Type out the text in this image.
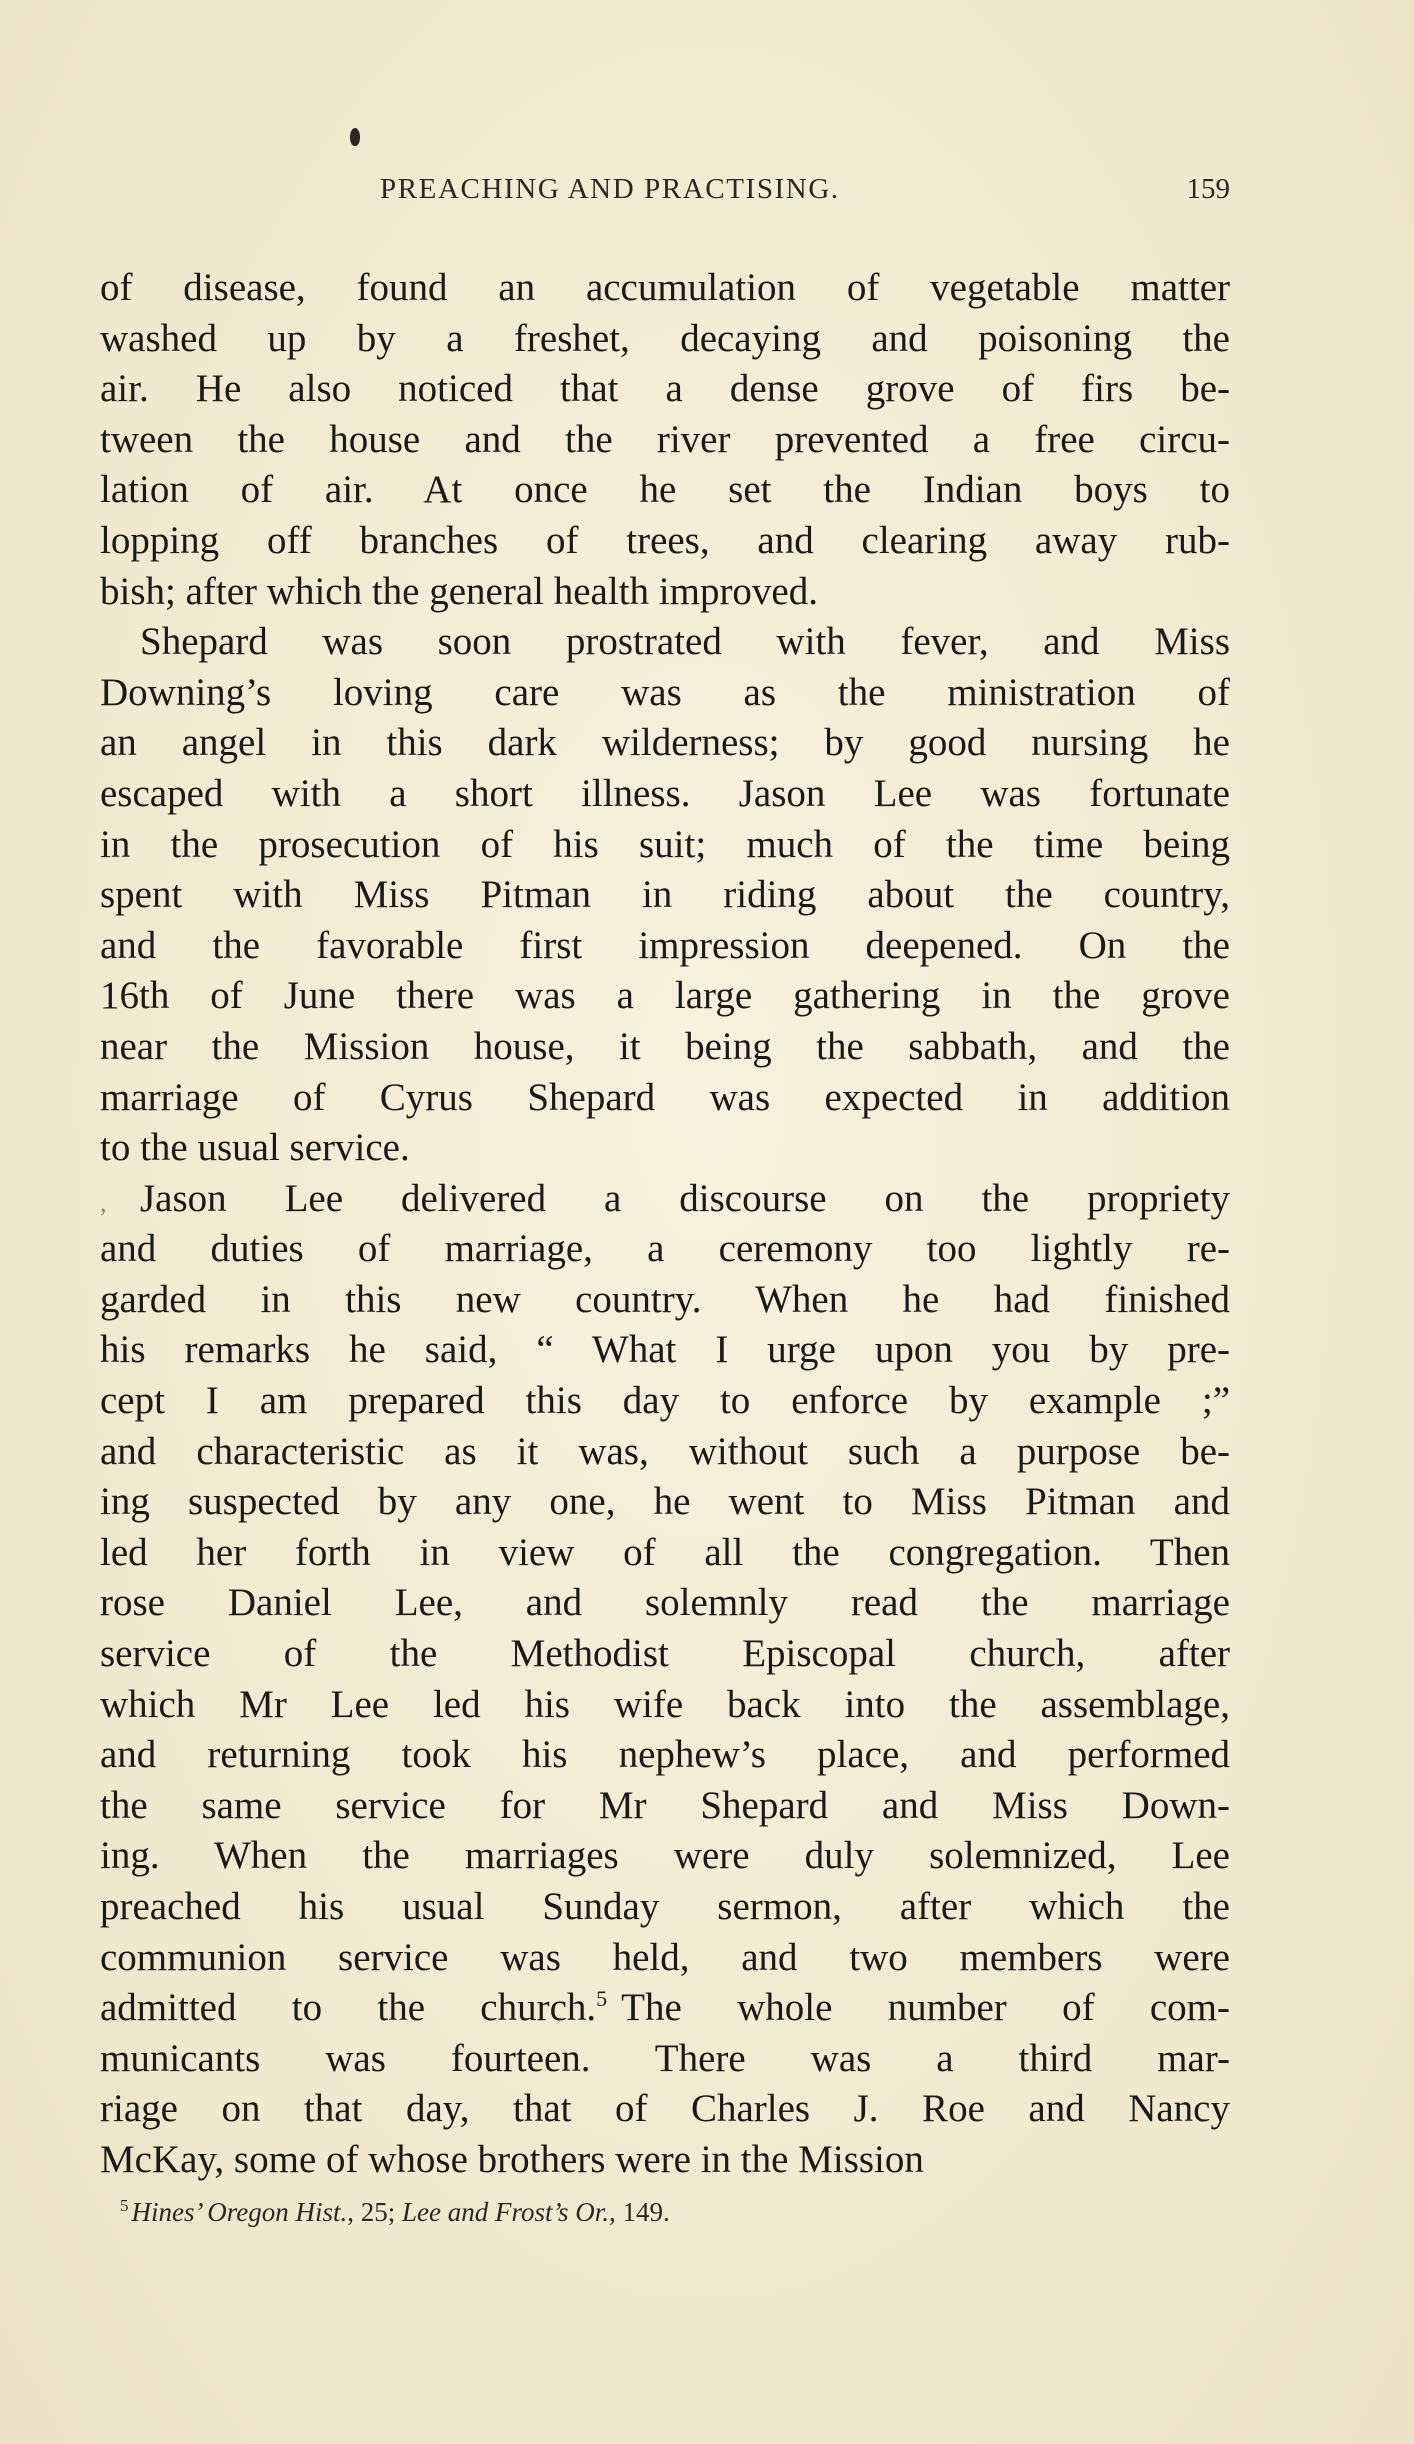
PREACHING AND PRACTISING.	159
of disease, found an accumulation of vegetable matter
washed up by a freshet, decaying and poisoning the
air. He also noticed that a dense grove of firs be-
tween the house and the river prevented a free circu-
lation of air. At once he set the Indian boys to
lopping off branches of trees, and clearing away rub-
bish; after which the general health improved.
Shepard was soon prostrated with fever, and Miss
Downing’s loving care was as the ministration of
an angel in this dark wilderness; by good nursing he
escaped with a short illness. Jason Lee was fortunate
in the prosecution of his suit; much of the time being
spent with Miss Pitman in riding about the country,
and the favorable first impression deepened. On the
16th of June there was a large gathering in the grove
near the Mission house, it being the sabbath, and the
marriage of Cyrus Shepard was expected in addition
to the usual service.
, Jason Lee delivered a discourse on the propriety
and duties of marriage, a ceremony too lightly re-
garded in this new country. When he had finished
his remarks he said, “ What I urge upon you by pre-
cept I am prepared this day to enforce by example ;”
and characteristic as it was, without such a purpose be-
ing suspected by any one, he went to Miss Pitman and
led her forth in view of all the congregation. Then
rose Daniel Lee, and solemnly read the marriage
service of the Methodist Episcopal church, after
which Mr Lee led his wife back into the assemblage,
and returning took his nephew’s place, and performed
the same service for Mr Shepard and Miss Down-
ing. When the marriages were duly solemnized, Lee
preached his usual Sunday sermon, after which the
communion service was held, and two members were
admitted to the church.$^5$ The whole number of com-
municants was fourteen. There was a third mar-
riage on that day, that of Charles J. Roe and Nancy
McKay, some of whose brothers were in the Mission
$^5$ Hines’ Oregon Hist., 25; Lee and Frost’s Or., 149.
